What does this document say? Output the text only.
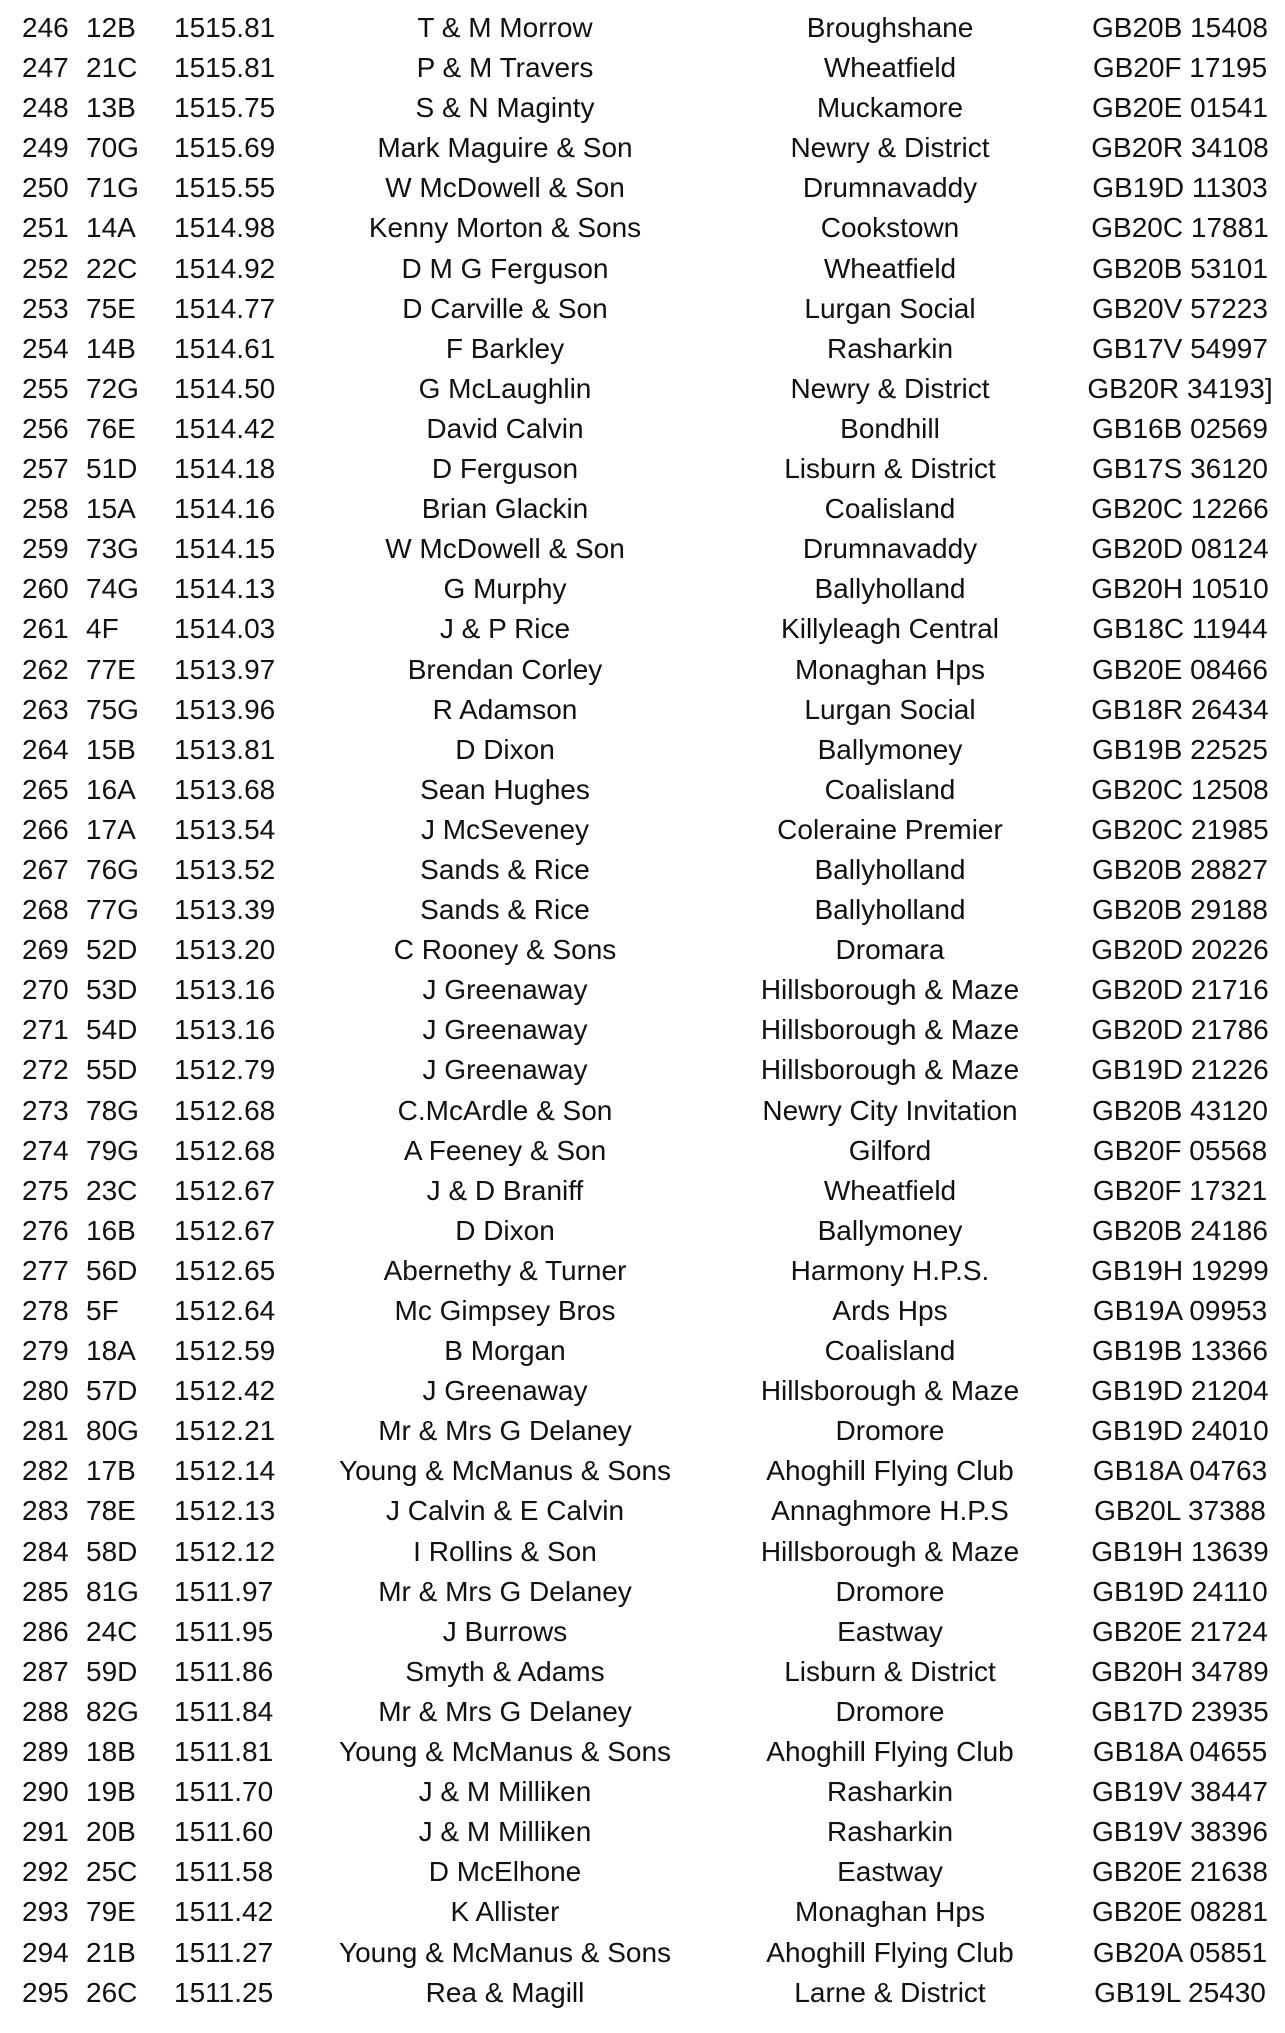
246 12B	1515.81	T & M Morrow	Broughshane	GB20B 15408
247 21C	1515.81	P & M Travers	Wheatfield	GB20F 17195
248 13B	1515.75	S & N Maginty	Muckamore	GB20E 01541
249 70G 1515.69	Mark Maguire & Son	Newry & District	GB20R 34108
250 71G 1515.55	W McDowell & Son	Drumnavaddy	GB19D 11303
251 14A	1514.98	Kenny Morton & Sons	Cookstown	GB20C 17881
252 22C	1514.92	D M G Ferguson	Wheatfield	GB20B 53101
253 75E	1514.77	D Carville & Son	Lurgan Social	GB20V 57223
254 14B	1514.61	F Barkley	Rasharkin	GB17V 54997
255 72G 1514.50	G McLaughlin	Newry & District	GB20R 34193]
256 76E	1514.42	David Calvin	Bondhill	GB16B 02569
257 51D	1514.18	D Ferguson	Lisburn & District	GB17S 36120
258 15A	1514.16	Brian Glackin	Coalisland	GB20C 12266
259 73G 1514.15	W McDowell & Son	Drumnavaddy	GB20D 08124
260 74G 1514.13	G Murphy	Ballyholland	GB20H 10510
261 4F	1514.03	J & P Rice	Killyleagh Central	GB18C 11944
262 77E	1513.97	Brendan Corley	Monaghan Hps	GB20E 08466
263 75G 1513.96	R Adamson	Lurgan Social	GB18R 26434
264 15B	1513.81	D Dixon	Ballymoney	GB19B 22525
265 16A	1513.68	Sean Hughes	Coalisland	GB20C 12508
266 17A	1513.54	J McSeveney	Coleraine Premier	GB20C 21985
267 76G 1513.52	Sands & Rice	Ballyholland	GB20B 28827
268 77G 1513.39	Sands & Rice	Ballyholland	GB20B 29188
269 52D	1513.20	C Rooney & Sons	Dromara	GB20D 20226
270 53D	1513.16	J Greenaway	Hillsborough & Maze	GB20D 21716
271 54D	1513.16	J Greenaway	Hillsborough & Maze	GB20D 21786
272 55D	1512.79	J Greenaway	Hillsborough & Maze	GB19D 21226
273 78G 1512.68	C.McArdle & Son	Newry City Invitation	GB20B 43120
274 79G 1512.68	A Feeney & Son	Gilford	GB20F 05568
275 23C	1512.67	J & D Braniff	Wheatfield	GB20F 17321
276 16B	1512.67	D Dixon	Ballymoney	GB20B 24186
277 56D	1512.65	Abernethy & Turner	Harmony H.P.S.	GB19H 19299
278 5F	1512.64	Mc Gimpsey Bros	Ards Hps	GB19A 09953
279 18A	1512.59	B Morgan	Coalisland	GB19B 13366
280 57D	1512.42	J Greenaway	Hillsborough & Maze	GB19D 21204
281 80G 1512.21	Mr & Mrs G Delaney	Dromore	GB19D 24010
282 17B	1512.14	Young & McManus & Sons	Ahoghill Flying Club	GB18A 04763
283 78E	1512.13	J Calvin & E Calvin	Annaghmore H.P.S	GB20L 37388
284 58D	1512.12	I Rollins & Son	Hillsborough & Maze	GB19H 13639
285 81G 1511.97	Mr & Mrs G Delaney	Dromore	GB19D 24110
286 24C	1511.95	J Burrows	Eastway	GB20E 21724
287 59D	1511.86	Smyth & Adams	Lisburn & District	GB20H 34789
288 82G 1511.84	Mr & Mrs G Delaney	Dromore	GB17D 23935
289 18B	1511.81	Young & McManus & Sons	Ahoghill Flying Club	GB18A 04655
290 19B	1511.70	J & M Milliken	Rasharkin	GB19V 38447
291 20B	1511.60	J & M Milliken	Rasharkin	GB19V 38396
292 25C	1511.58	D McElhone	Eastway	GB20E 21638
293 79E	1511.42	K Allister	Monaghan Hps	GB20E 08281
294 21B	1511.27	Young & McManus & Sons	Ahoghill Flying Club	GB20A 05851
295 26C	1511.25	Rea & Magill	Larne & District	GB19L 25430
